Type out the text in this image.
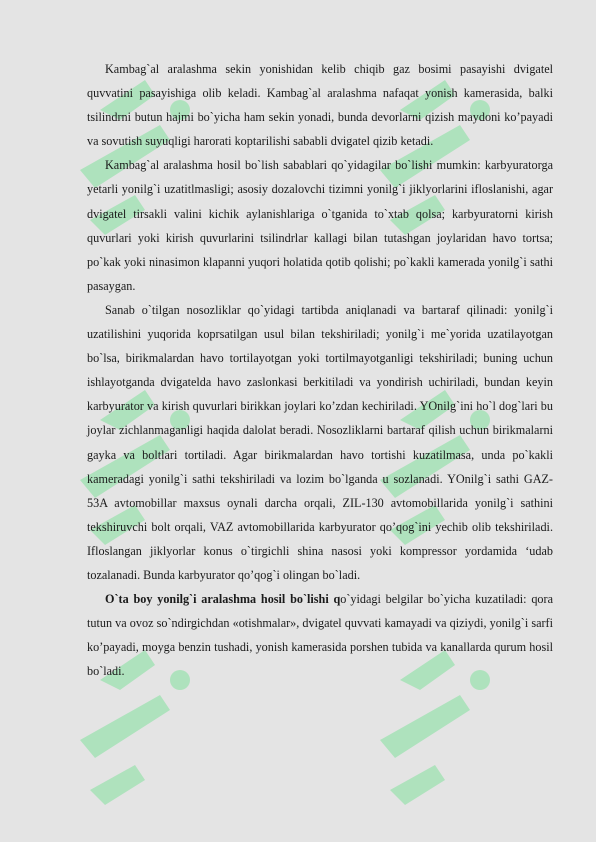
Kambag`al aralashma sekin yonishidan kelib chiqib gaz bosimi pasayishi dvigatel quvvatini pasayishiga olib keladi. Kambag`al aralashma nafaqat yonish kamerasida, balki tsilindrni butun hajmi bo`yicha ham sekin yonadi, bunda devorlarni qizish maydoni ko’payadi va sovutish suyuqligi harorati koptarilishi sababli dvigatel qizib ketadi.

Kambag`al aralashma hosil bo`lish sabablari qo`yidagilar bo`lishi mumkin: karbyuratorga yetarli yonilg`i uzatitlmasligi; asosiy dozalovchi tizimni yonilg`i jiklyorlarini ifloslanishi, agar dvigatel tirsakli valini kichik aylanishlariga o`tganida to`xtab qolsa; karbyuratorni kirish quvurlari yoki kirish quvurlarini tsilindrlar kallagi bilan tutashgan joylaridan havo tortsa; po`kak yoki ninasimon klapanni yuqori holatida qotib qolishi; po`kakli kamerada yonilg`i sathi pasaygan.

Sanab o`tilgan nosozliklar qo`yidagi tartibda aniqlanadi va bartaraf qilinadi: yonilg`i uzatilishini yuqorida koprsatilgan usul bilan tekshiriladi; yonilg`i me`yorida uzatilayotgan bo`lsa, birikmalardan havo tortilayotgan yoki tortilmayotganligi tekshiriladi; buning uchun ishlayotganda dvigatelda havo zaslonkasi berkitiladi va yondirish uchiriladi, bundan keyin karbyurator va kirish quvurlari birikkan joylari ko’zdan kechiriladi. YOnilg`ini ho`l dog`lari bu joylar zichlanmaganligi haqida dalolat beradi. Nosozliklarni bartaraf qilish uchun birikmalarni gayka va boltlari tortiladi. Agar birikmalardan havo tortishi kuzatilmasa, unda po`kakli kameradagi yonilg`i sathi tekshiriladi va lozim bo`lganda u sozlanadi. YOnilg`i sathi GAZ-53A avtomobillar maxsus oynali darcha orqali, ZIL-130 avtomobillarida yonilg`i sathini tekshiruvchi bolt orqali, VAZ avtomobillarida karbyurator qo’qog`ini yechib olib tekshiriladi. Ifloslangan jiklyorlar konus o`tirgichli shina nasosi yoki kompressor yordamida ‘udab tozalanadi. Bunda karbyurator qo’qog`i olingan bo`ladi.

O`ta boy yonilg`i aralashma hosil bo`lishi qo`yidagi belgilar bo`yicha kuzatiladi: qora tutun va ovoz so`ndirgichdan «otishmalar», dvigatel quvvati kamayadi va qiziydi, yonilg`i sarfi ko’payadi, moyga benzin tushadi, yonish kamerasida porshen tubida va kanallarda qurum hosil bo`ladi.
